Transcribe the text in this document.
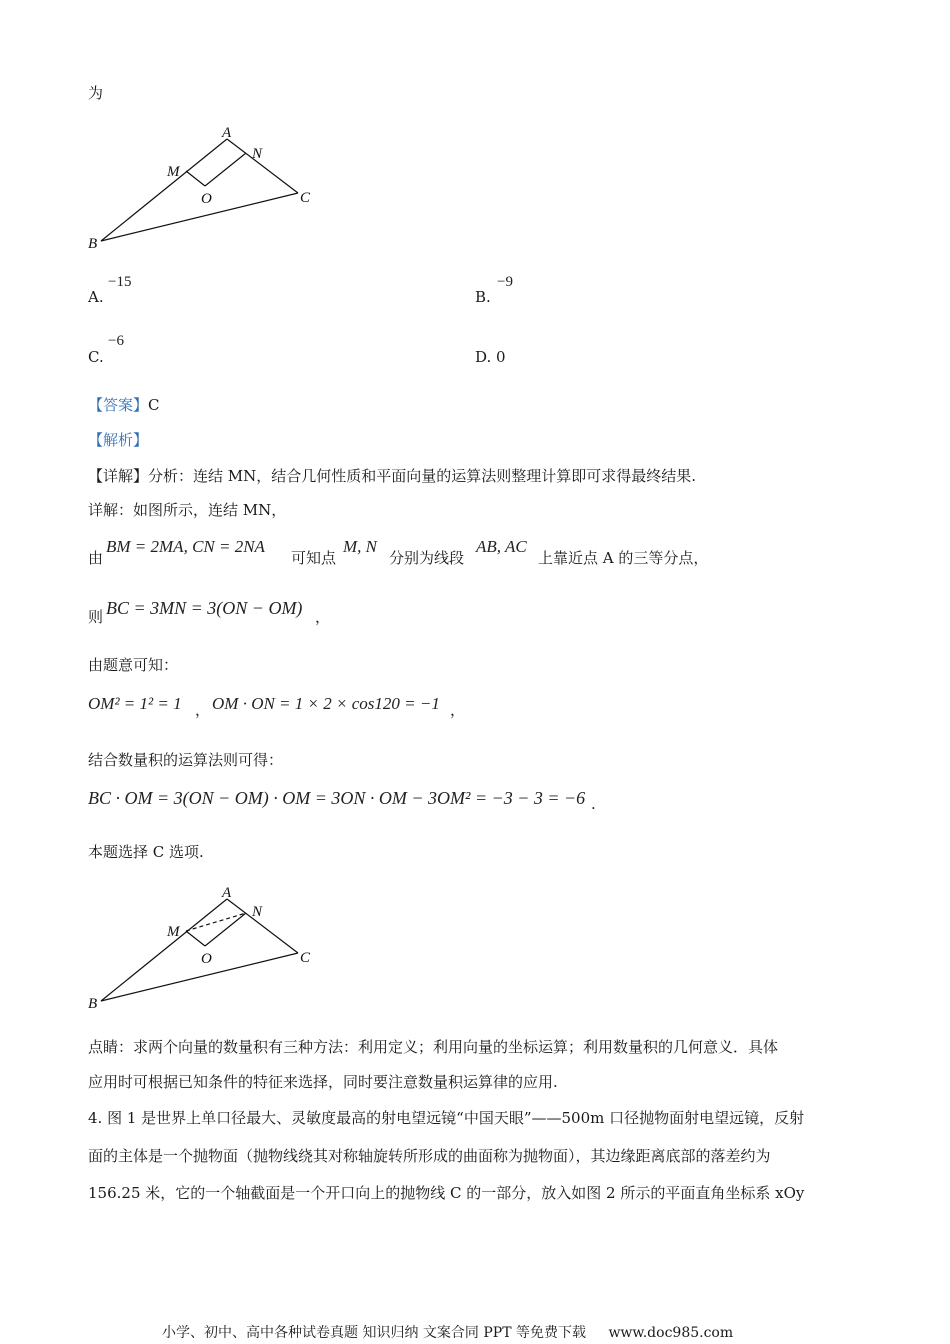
为
A
N
M
O	C
B
A.
−15
B.
−9
C.
−6
D. 0
【答案】C
【解析】
【详解】分析：连结 MN，结合几何性质和平面向量的运算法则整理计算即可求得最终结果.
详解：如图所示，连结 MN，
由
BM = 2MA, CN = 2NA
可知点
M, N
分别为线段
AB, AC
上靠近点 A 的三等分点，
则 BC = 3MN = 3(ON − OM) ，
由题意可知：
OM² = 1² = 1 ， OM · ON = 1 × 2 × cos120 = −1 ，
结合数量积的运算法则可得：
BC · OM = 3(ON − OM) · OM = 3ON · OM − 3OM² = −3 − 3 = −6 .
本题选择 C 选项.
A
N
M
O	C
B
点睛：求两个向量的数量积有三种方法：利用定义；利用向量的坐标运算；利用数量积的几何意义．具体
应用时可根据已知条件的特征来选择，同时要注意数量积运算律的应用.
4. 图 1 是世界上单口径最大、灵敏度最高的射电望远镜“中国天眼”——500m 口径抛物面射电望远镜，反射
面的主体是一个抛物面（抛物线绕其对称轴旋转所形成的曲面称为抛物面），其边缘距离底部的落差约为
156.25 米，它的一个轴截面是一个开口向上的抛物线 C 的一部分，放入如图 2 所示的平面直角坐标系 xOy
小学、初中、高中各种试卷真题 知识归纳 文案合同 PPT 等免费下载 www.doc985.com
